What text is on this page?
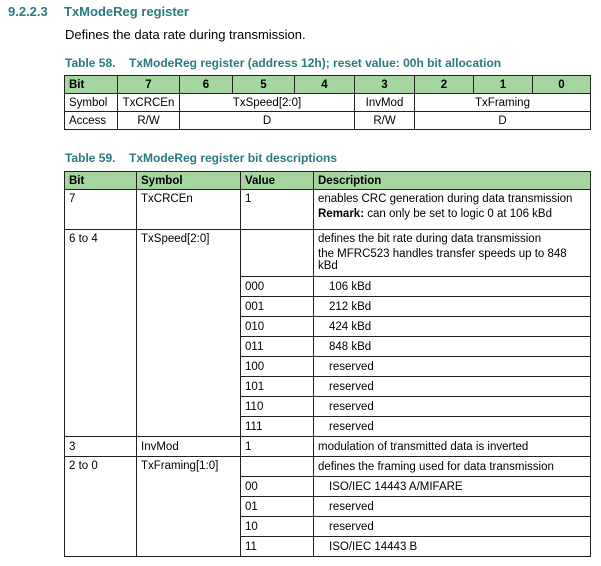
9.2.2.3 TxModeReg register
Defines the data rate during transmission.
Table 58. TxModeReg register (address 12h); reset value: 00h bit allocation
Bit	7	6	5	4	3	2	1	0
Symbol	TxCRCEn	TxSpeed[2:0]			InvMod	TxFraming		
Access	R/W	D			R/W	D		
Table 59. TxModeReg register bit descriptions
Bit	Symbol	Value	Description
7	TxCRCEn	1	enables CRC generation during data transmission
Remark: can only be set to logic 0 at 106 kBd

6 to 4	TxSpeed[2:0]		defines the bit rate during data transmission
the MFRC523 handles transfer speeds up to 848 kBd

		000	106 kBd
		001	212 kBd
		010	424 kBd
		011	848 kBd
		100	reserved
		101	reserved
		110	reserved
		111	reserved
3	InvMod	1	modulation of transmitted data is inverted
2 to 0	TxFraming[1:0]		defines the framing used for data transmission
		00	ISO/IEC 14443 A/MIFARE
		01	reserved
		10	reserved
		11	ISO/IEC 14443 B
